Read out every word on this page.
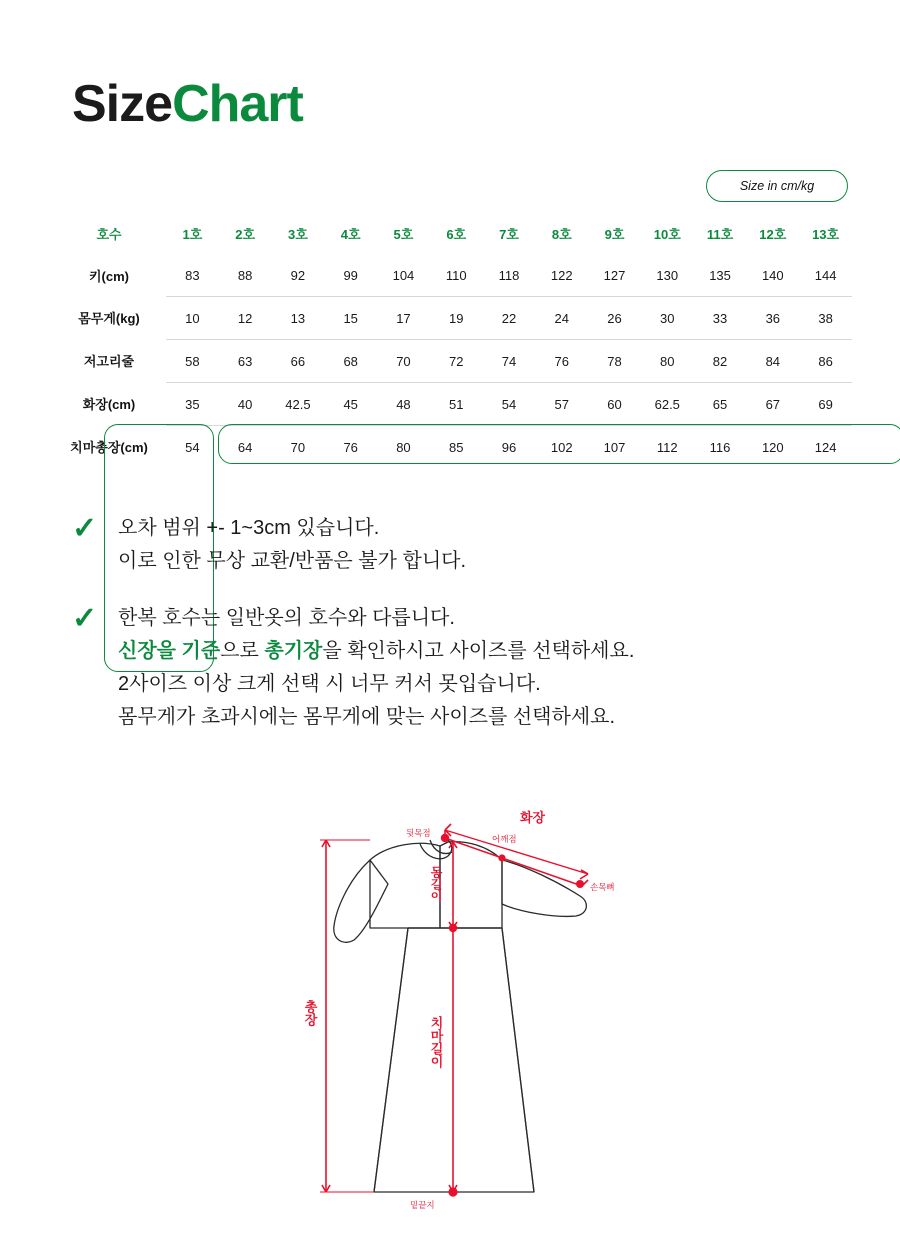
SizeChart
Size in cm/kg
호수	1호	2호	3호	4호	5호	6호	7호	8호	9호	10호	11호	12호	13호
키(cm)	83	88	92	99	104	110	118	122	127	130	135	140	144
몸무게(kg)	10	12	13	15	17	19	22	24	26	30	33	36	38
저고리줄	58	63	66	68	70	72	74	76	78	80	82	84	86
화장(cm)	35	40	42.5	45	48	51	54	57	60	62.5	65	67	69
치마총장(cm)	54	64	70	76	80	85	96	102	107	112	116	120	124
✓	오차 범위 +- 1~3cm 있습니다.
이로 인한 무상 교환/반품은 불가 합니다.
✓	한복 호수는 일반옷의 호수와 다릅니다.
신장을 기준으로 총기장을 확인하시고 사이즈를 선택하세요.
2사이즈 이상 크게 선택 시 너무 커서 못입습니다.
몸무게가 초과시에는 몸무게에 맞는 사이즈를 선택하세요.
화장
뒷목점
어깨점
손목뼈
밑끝지
동길이
총장
치마길이
